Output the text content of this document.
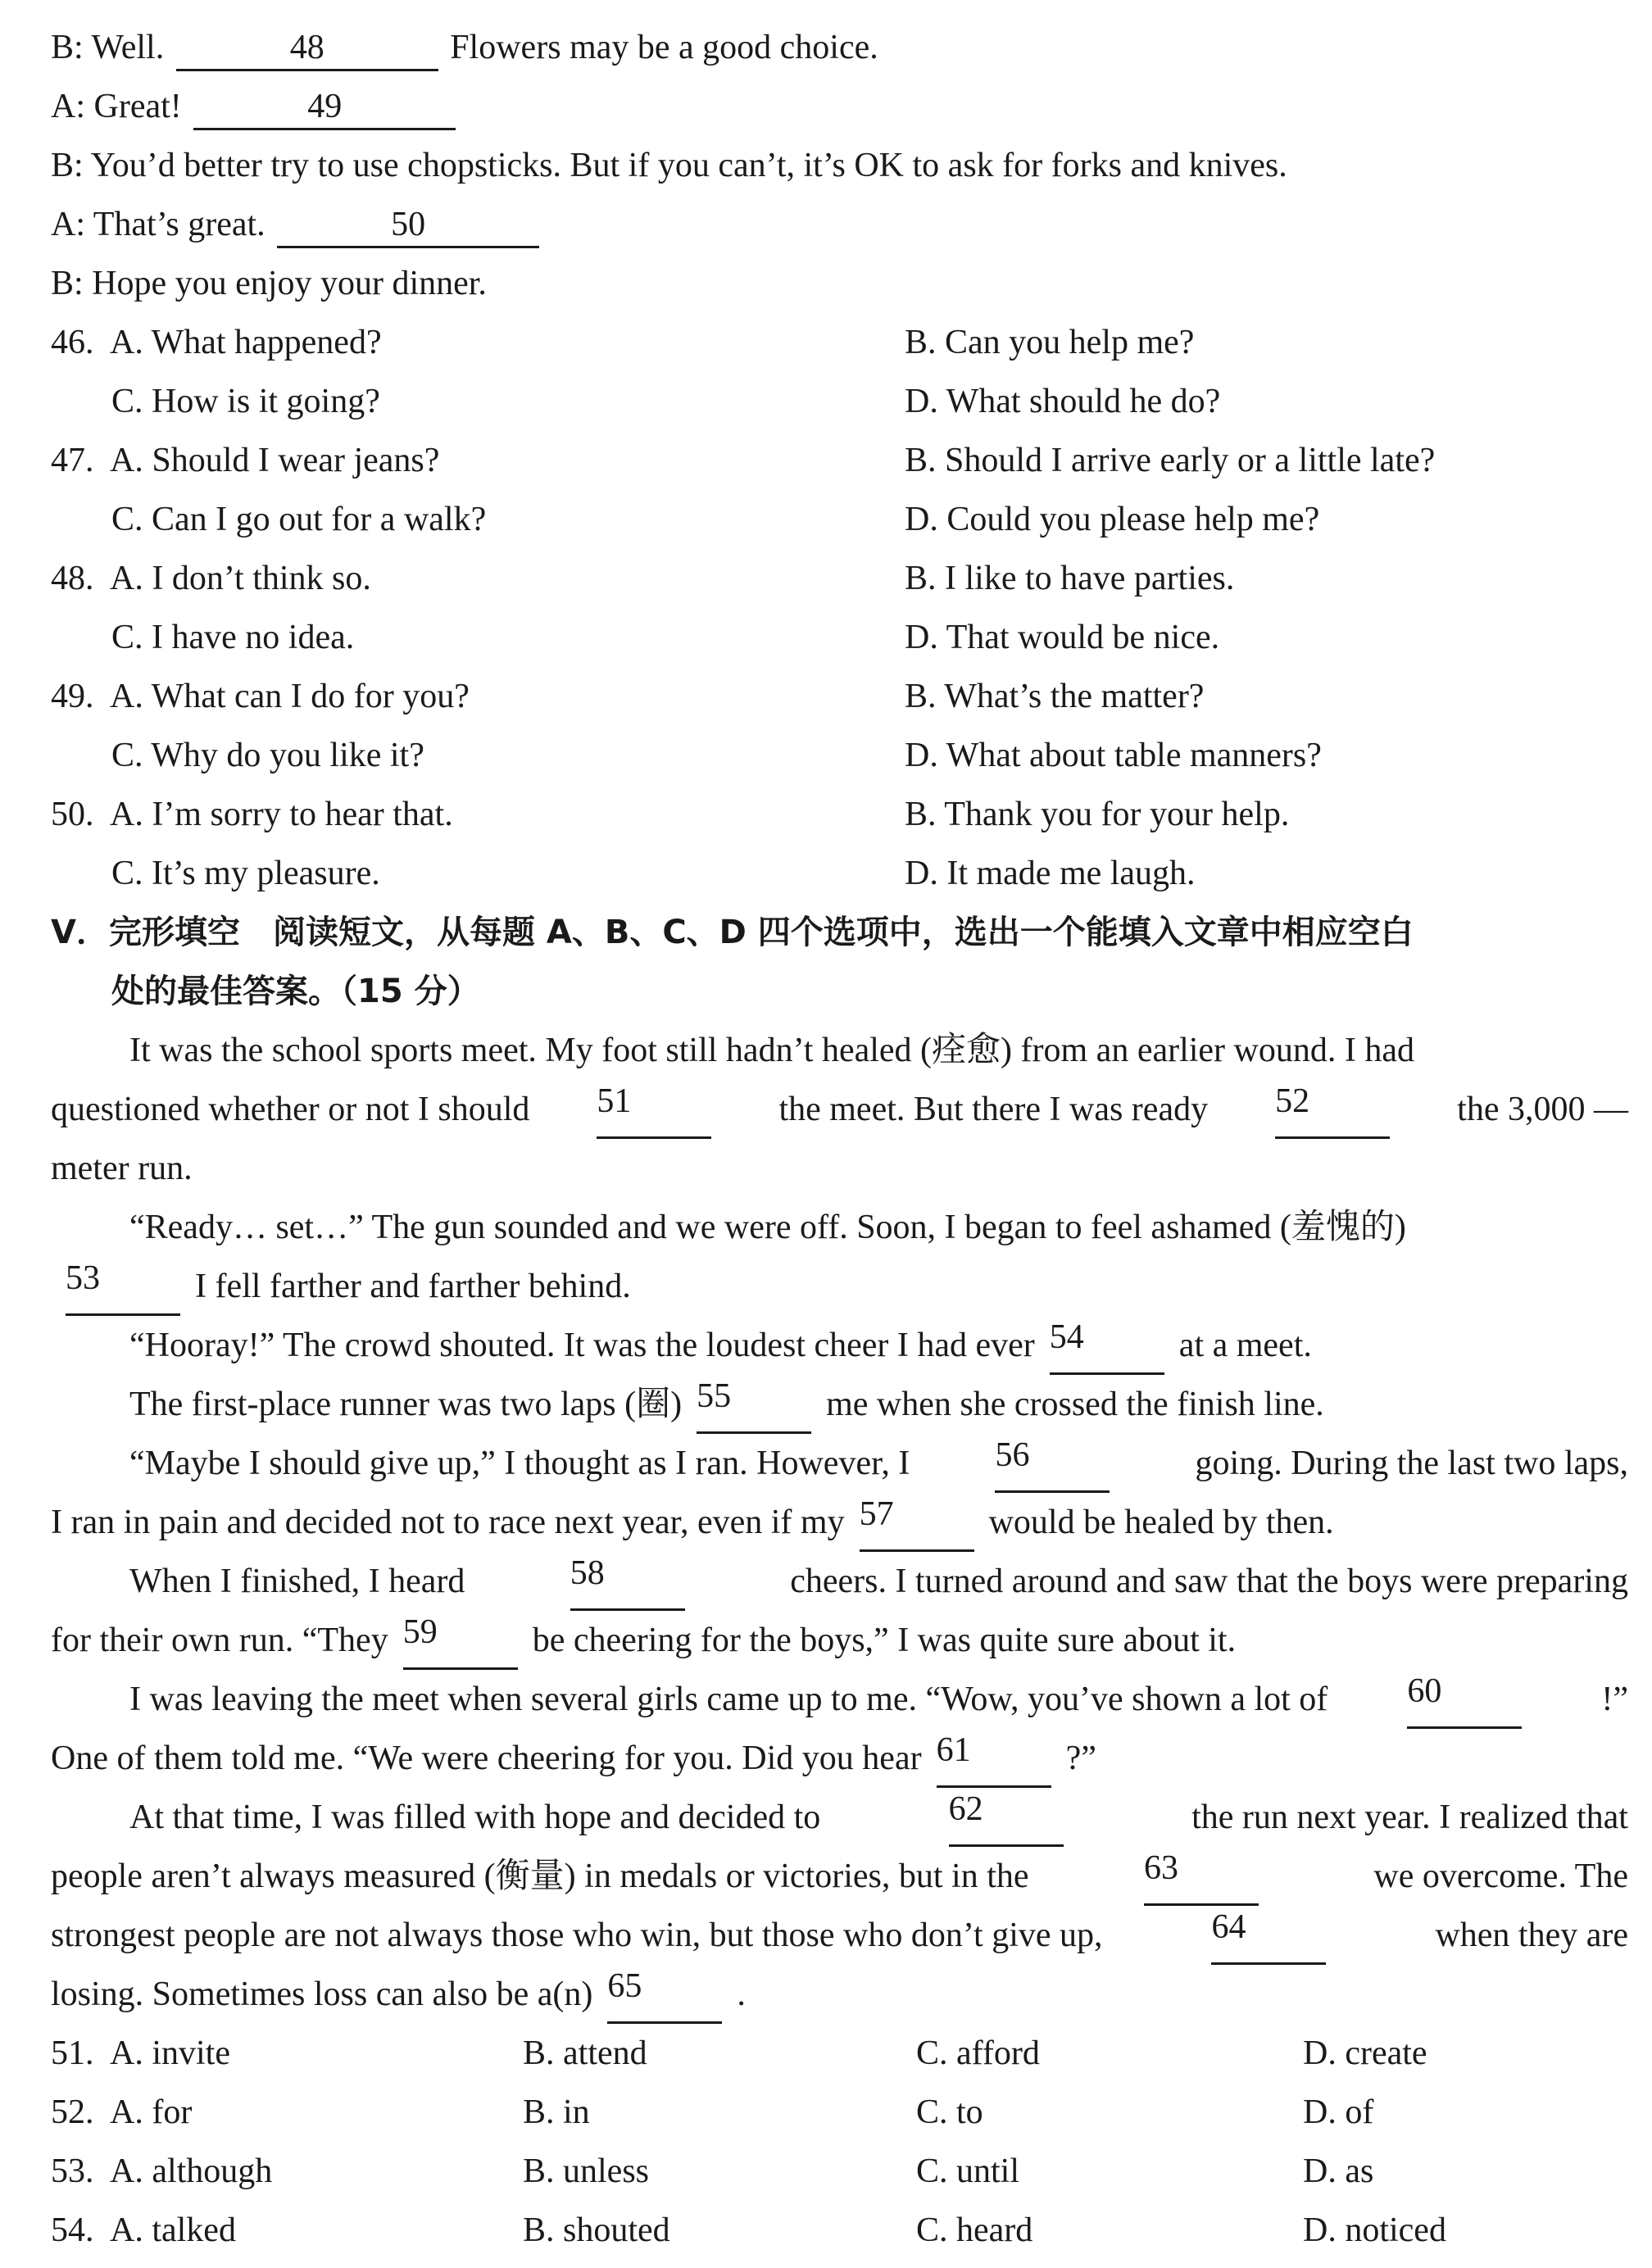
B: Well.	48	Flowers may be a good choice.
A: Great!	49
B: You’d better try to use chopsticks. But if you can’t, it’s OK to ask for forks and knives.
A: That’s great.	50
B: Hope you enjoy your dinner.
46. A. What happened?	B. Can you help me?
C. How is it going?	D. What should he do?
47. A. Should I wear jeans?	B. Should I arrive early or a little late?
C. Can I go out for a walk?	D. Could you please help me?
48. A. I don’t think so.	B. I like to have parties.
C. I have no idea.	D. That would be nice.
49. A. What can I do for you?	B. What’s the matter?
C. Why do you like it?	D. What about table manners?
50. A. I’m sorry to hear that.	B. Thank you for your help.
C. It’s my pleasure.	D. It made me laugh.
V．完形填空　阅读短文，从每题 A、B、C、D 四个选项中，选出一个能填入文章中相应空白
处的最佳答案。（15 分）
It was the school sports meet. My foot still hadn’t healed (痊愈) from an earlier wound. I had
questioned whether or not I should 51	the meet. But there I was ready 52	the 3,000 —
meter run.
“Ready… set…” The gun sounded and we were off. Soon, I began to feel ashamed (羞愧的)
53	I fell farther and farther behind.
“Hooray!” The crowd shouted. It was the loudest cheer I had ever 54	at a meet.
The first-place runner was two laps (圈) 55	me when she crossed the finish line.
“Maybe I should give up,” I thought as I ran. However, I 56	going. During the last two laps,
I ran in pain and decided not to race next year, even if my 57	would be healed by then.
When I finished, I heard	58	cheers. I turned around and saw that the boys were preparing
for their own run. “They 59	be cheering for the boys,” I was quite sure about it.
I was leaving the meet when several girls came up to me. “Wow, you’ve shown a lot of 60	!”
One of them told me. “We were cheering for you. Did you hear 61	?”
At that time, I was filled with hope and decided to	62	the run next year. I realized that
people aren’t always measured (衡量) in medals or victories, but in the	63	we overcome. The
strongest people are not always those who win, but those who don’t give up,	64	when they are
losing. Sometimes loss can also be a(n) 65	.
51. A. invite	B. attend	C. afford	D. create
52. A. for	B. in	C. to	D. of
53. A. although	B. unless	C. until	D. as
54. A. talked	B. shouted	C. heard	D. noticed
